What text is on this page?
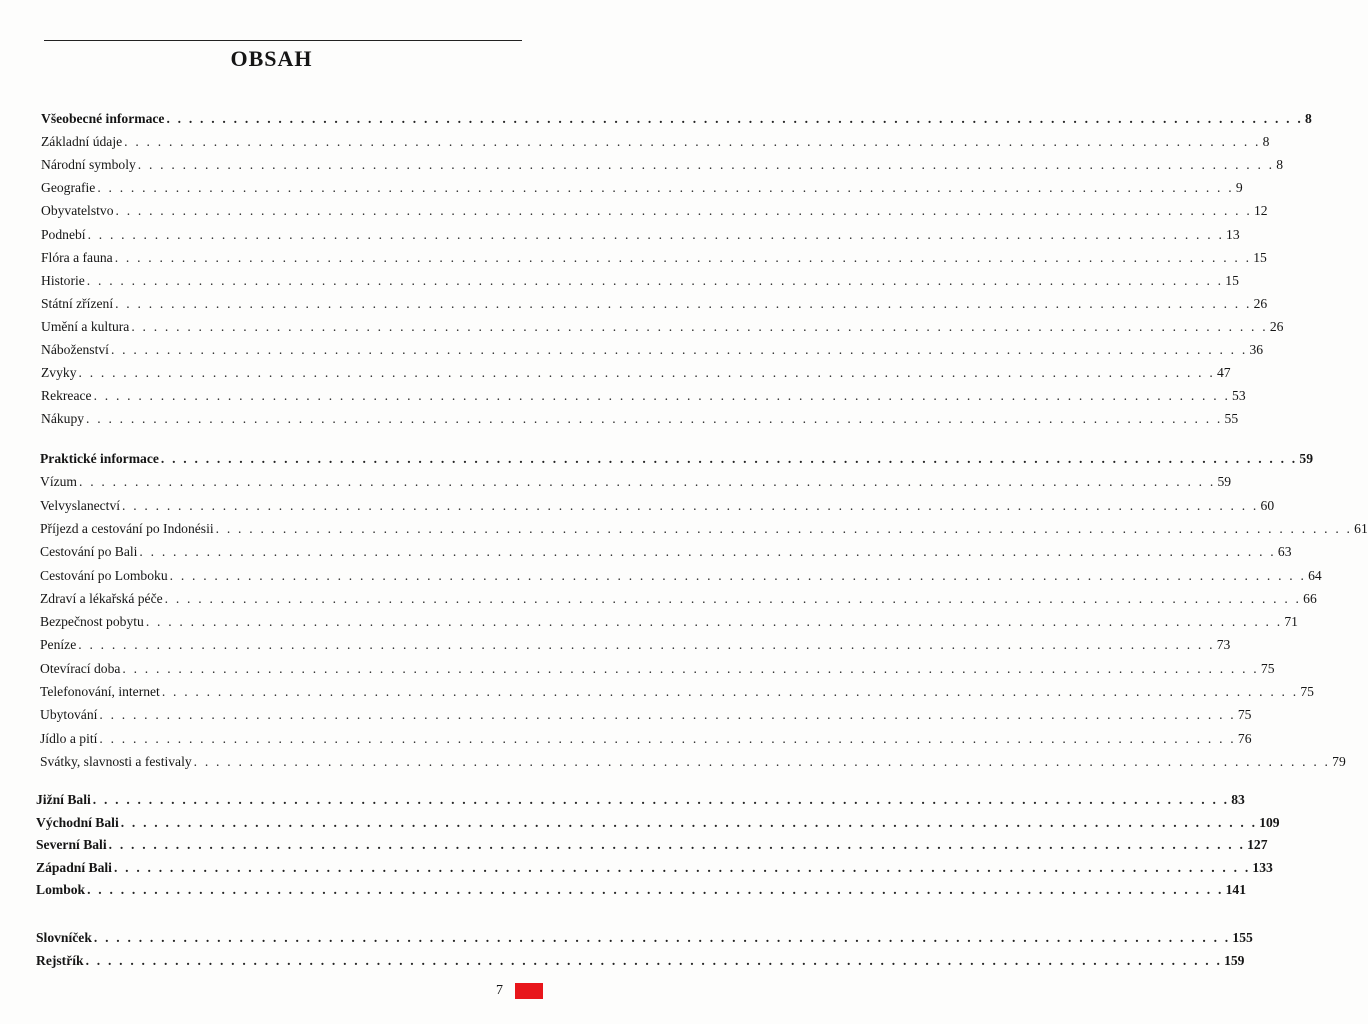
OBSAH
Všeobecné informace . . . . . . . . . . . . . . . . . . . . . . . . . . . . . . . . . . . . . . . . . . . . . . . . . . . . . . . . . . . . . . . . . . . . . . . . . . . . . . . . . . . . . . . . . . . . . . . . . . . . . . 8
Základní údaje . . . . . . . . . . . . . . . . . . . . . . . . . . . . . . . . . . . . . . . . . . . . . . . . . . . . . . . . . . . . . . . . . . . . . . . . . . . . . . . . . . . . . . . . . . . . . . . . . . . . . . 8
Národní symboly . . . . . . . . . . . . . . . . . . . . . . . . . . . . . . . . . . . . . . . . . . . . . . . . . . . . . . . . . . . . . . . . . . . . . . . . . . . . . . . . . . . . . . . . . . . . . . . . . . . . . . 8
Geografie . . . . . . . . . . . . . . . . . . . . . . . . . . . . . . . . . . . . . . . . . . . . . . . . . . . . . . . . . . . . . . . . . . . . . . . . . . . . . . . . . . . . . . . . . . . . . . . . . . . . . . 9
Obyvatelstvo . . . . . . . . . . . . . . . . . . . . . . . . . . . . . . . . . . . . . . . . . . . . . . . . . . . . . . . . . . . . . . . . . . . . . . . . . . . . . . . . . . . . . . . . . . . . . . . . . . . . . . 12
Podnebí . . . . . . . . . . . . . . . . . . . . . . . . . . . . . . . . . . . . . . . . . . . . . . . . . . . . . . . . . . . . . . . . . . . . . . . . . . . . . . . . . . . . . . . . . . . . . . . . . . . . . . 13
Flóra a fauna . . . . . . . . . . . . . . . . . . . . . . . . . . . . . . . . . . . . . . . . . . . . . . . . . . . . . . . . . . . . . . . . . . . . . . . . . . . . . . . . . . . . . . . . . . . . . . . . . . . . . . 15
Historie . . . . . . . . . . . . . . . . . . . . . . . . . . . . . . . . . . . . . . . . . . . . . . . . . . . . . . . . . . . . . . . . . . . . . . . . . . . . . . . . . . . . . . . . . . . . . . . . . . . . . . 15
Státní zřízení . . . . . . . . . . . . . . . . . . . . . . . . . . . . . . . . . . . . . . . . . . . . . . . . . . . . . . . . . . . . . . . . . . . . . . . . . . . . . . . . . . . . . . . . . . . . . . . . . . . . . . 26
Umění a kultura . . . . . . . . . . . . . . . . . . . . . . . . . . . . . . . . . . . . . . . . . . . . . . . . . . . . . . . . . . . . . . . . . . . . . . . . . . . . . . . . . . . . . . . . . . . . . . . . . . . . . . 26
Náboženství . . . . . . . . . . . . . . . . . . . . . . . . . . . . . . . . . . . . . . . . . . . . . . . . . . . . . . . . . . . . . . . . . . . . . . . . . . . . . . . . . . . . . . . . . . . . . . . . . . . . . . 36
Zvyky . . . . . . . . . . . . . . . . . . . . . . . . . . . . . . . . . . . . . . . . . . . . . . . . . . . . . . . . . . . . . . . . . . . . . . . . . . . . . . . . . . . . . . . . . . . . . . . . . . . . . . 47
Rekreace . . . . . . . . . . . . . . . . . . . . . . . . . . . . . . . . . . . . . . . . . . . . . . . . . . . . . . . . . . . . . . . . . . . . . . . . . . . . . . . . . . . . . . . . . . . . . . . . . . . . . . 53
Nákupy . . . . . . . . . . . . . . . . . . . . . . . . . . . . . . . . . . . . . . . . . . . . . . . . . . . . . . . . . . . . . . . . . . . . . . . . . . . . . . . . . . . . . . . . . . . . . . . . . . . . . . 55
Praktické informace . . . . . . . . . . . . . . . . . . . . . . . . . . . . . . . . . . . . . . . . . . . . . . . . . . . . . . . . . . . . . . . . . . . . . . . . . . . . . . . . . . . . . . . . . . . . . . . . . . . . . . 59
Vízum . . . . . . . . . . . . . . . . . . . . . . . . . . . . . . . . . . . . . . . . . . . . . . . . . . . . . . . . . . . . . . . . . . . . . . . . . . . . . . . . . . . . . . . . . . . . . . . . . . . . . . 59
Velvyslanectví . . . . . . . . . . . . . . . . . . . . . . . . . . . . . . . . . . . . . . . . . . . . . . . . . . . . . . . . . . . . . . . . . . . . . . . . . . . . . . . . . . . . . . . . . . . . . . . . . . . . . . 60
Příjezd a cestování po Indonésii . . . . . . . . . . . . . . . . . . . . . . . . . . . . . . . . . . . . . . . . . . . . . . . . . . . . . . . . . . . . . . . . . . . . . . . . . . . . . . . . . . . . . . . . . . . . . . . . . . . . . . 61
Cestování po Bali . . . . . . . . . . . . . . . . . . . . . . . . . . . . . . . . . . . . . . . . . . . . . . . . . . . . . . . . . . . . . . . . . . . . . . . . . . . . . . . . . . . . . . . . . . . . . . . . . . . . . . 63
Cestování po Lomboku . . . . . . . . . . . . . . . . . . . . . . . . . . . . . . . . . . . . . . . . . . . . . . . . . . . . . . . . . . . . . . . . . . . . . . . . . . . . . . . . . . . . . . . . . . . . . . . . . . . . . . 64
Zdraví a lékařská péče . . . . . . . . . . . . . . . . . . . . . . . . . . . . . . . . . . . . . . . . . . . . . . . . . . . . . . . . . . . . . . . . . . . . . . . . . . . . . . . . . . . . . . . . . . . . . . . . . . . . . . 66
Bezpečnost pobytu . . . . . . . . . . . . . . . . . . . . . . . . . . . . . . . . . . . . . . . . . . . . . . . . . . . . . . . . . . . . . . . . . . . . . . . . . . . . . . . . . . . . . . . . . . . . . . . . . . . . . . 71
Peníze . . . . . . . . . . . . . . . . . . . . . . . . . . . . . . . . . . . . . . . . . . . . . . . . . . . . . . . . . . . . . . . . . . . . . . . . . . . . . . . . . . . . . . . . . . . . . . . . . . . . . . 73
Otevírací doba . . . . . . . . . . . . . . . . . . . . . . . . . . . . . . . . . . . . . . . . . . . . . . . . . . . . . . . . . . . . . . . . . . . . . . . . . . . . . . . . . . . . . . . . . . . . . . . . . . . . . . 75
Telefonování, internet . . . . . . . . . . . . . . . . . . . . . . . . . . . . . . . . . . . . . . . . . . . . . . . . . . . . . . . . . . . . . . . . . . . . . . . . . . . . . . . . . . . . . . . . . . . . . . . . . . . . . . 75
Ubytování . . . . . . . . . . . . . . . . . . . . . . . . . . . . . . . . . . . . . . . . . . . . . . . . . . . . . . . . . . . . . . . . . . . . . . . . . . . . . . . . . . . . . . . . . . . . . . . . . . . . . . 75
Jídlo a pití . . . . . . . . . . . . . . . . . . . . . . . . . . . . . . . . . . . . . . . . . . . . . . . . . . . . . . . . . . . . . . . . . . . . . . . . . . . . . . . . . . . . . . . . . . . . . . . . . . . . . . 76
Svátky, slavnosti a festivaly . . . . . . . . . . . . . . . . . . . . . . . . . . . . . . . . . . . . . . . . . . . . . . . . . . . . . . . . . . . . . . . . . . . . . . . . . . . . . . . . . . . . . . . . . . . . . . . . . . . . . . 79
Jižní Bali . . . . . . . . . . . . . . . . . . . . . . . . . . . . . . . . . . . . . . . . . . . . . . . . . . . . . . . . . . . . . . . . . . . . . . . . . . . . . . . . . . . . . . . . . . . . . . . . . . . . . . 83
Východní Bali . . . . . . . . . . . . . . . . . . . . . . . . . . . . . . . . . . . . . . . . . . . . . . . . . . . . . . . . . . . . . . . . . . . . . . . . . . . . . . . . . . . . . . . . . . . . . . . . . . . . . . 109
Severní Bali . . . . . . . . . . . . . . . . . . . . . . . . . . . . . . . . . . . . . . . . . . . . . . . . . . . . . . . . . . . . . . . . . . . . . . . . . . . . . . . . . . . . . . . . . . . . . . . . . . . . . . 127
Západní Bali . . . . . . . . . . . . . . . . . . . . . . . . . . . . . . . . . . . . . . . . . . . . . . . . . . . . . . . . . . . . . . . . . . . . . . . . . . . . . . . . . . . . . . . . . . . . . . . . . . . . . . 133
Lombok . . . . . . . . . . . . . . . . . . . . . . . . . . . . . . . . . . . . . . . . . . . . . . . . . . . . . . . . . . . . . . . . . . . . . . . . . . . . . . . . . . . . . . . . . . . . . . . . . . . . . . 141
Slovníček . . . . . . . . . . . . . . . . . . . . . . . . . . . . . . . . . . . . . . . . . . . . . . . . . . . . . . . . . . . . . . . . . . . . . . . . . . . . . . . . . . . . . . . . . . . . . . . . . . . . . . 155
Rejstřík . . . . . . . . . . . . . . . . . . . . . . . . . . . . . . . . . . . . . . . . . . . . . . . . . . . . . . . . . . . . . . . . . . . . . . . . . . . . . . . . . . . . . . . . . . . . . . . . . . . . . . 159
7
